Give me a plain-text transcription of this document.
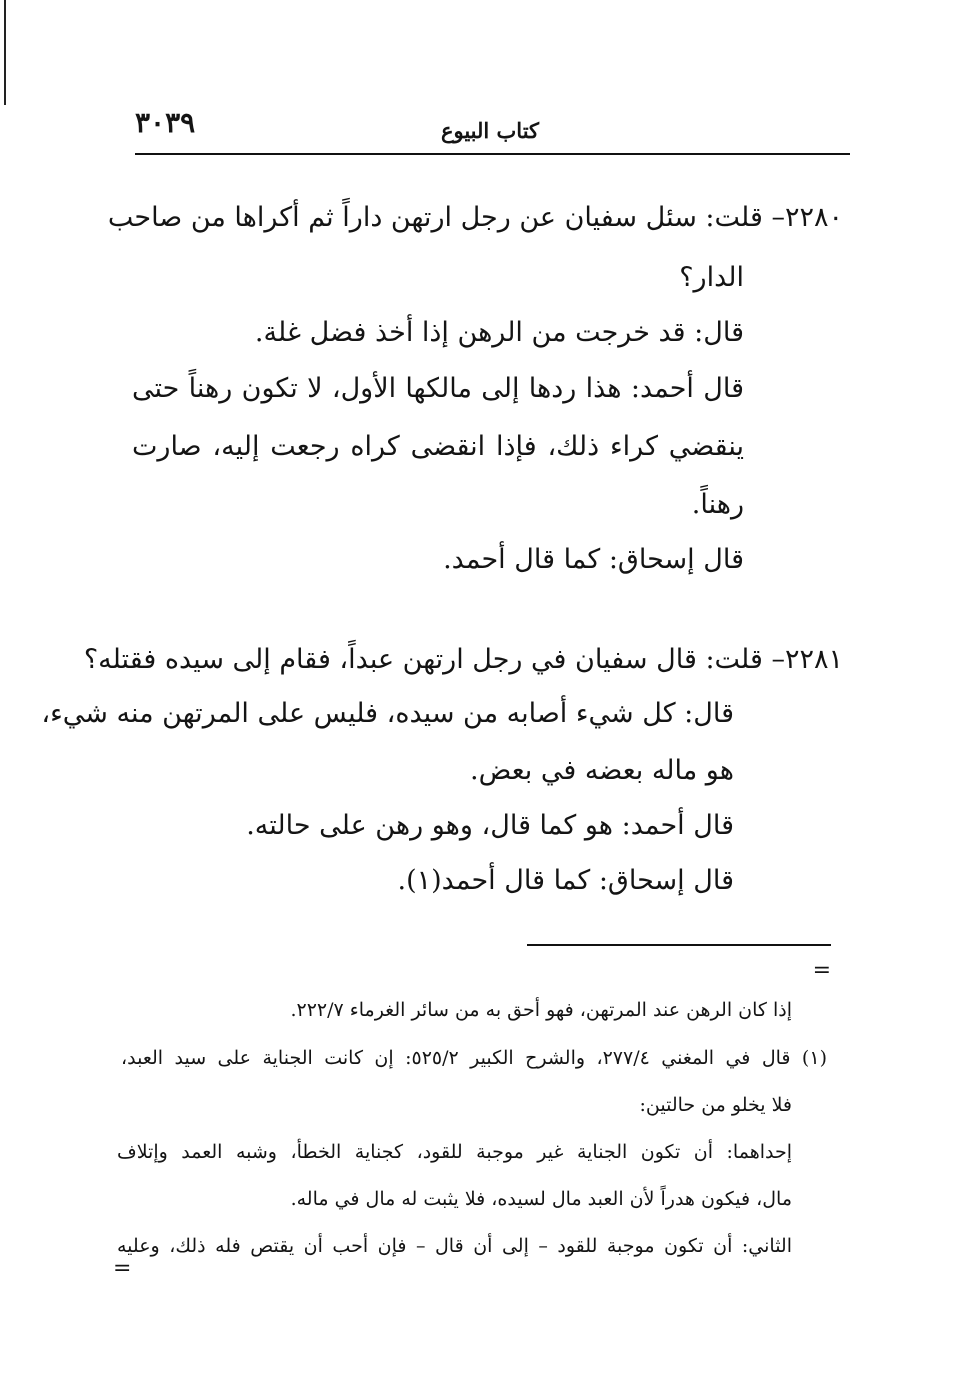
٣٠٣٩	كتاب البيوع
٢٢٨٠– قلت: سئل سفيان عن رجل ارتهن داراً ثم أكراها من صاحب
الدار؟
قال: قد خرجت من الرهن إذا أخذ فضل غلة.
قال أحمد: هذا ردها إلى مالكها الأول، لا تكون رهناً حتى
ينقضي كراء ذلك، فإذا انقضى كراه رجعت إليه، صارت
رهناً.
قال إسحاق: كما قال أحمد.
٢٢٨١– قلت: قال سفيان في رجل ارتهن عبداً، فقام إلى سيده فقتله؟
قال: كل شيء أصابه من سيده، فليس على المرتهن منه شيء،
هو ماله بعضه في بعض.
قال أحمد: هو كما قال، وهو رهن على حالته.
قال إسحاق: كما قال أحمد(١).
=
إذا كان الرهن عند المرتهن، فهو أحق به من سائر الغرماء ٢٢٢/٧.
(١) قال في المغني ٢٧٧/٤، والشرح الكبير ٥٢٥/٢: إن كانت الجناية على سيد العبد،
فلا يخلو من حالتين:
إحداهما: أن تكون الجناية غير موجبة للقود، كجناية الخطأ، وشبه العمد وإتلاف
مال، فيكون هدراً لأن العبد مال لسيده، فلا يثبت له مال في ماله.
الثاني: أن تكون موجبة للقود – إلى أن قال – فإن أحب أن يقتص فله ذلك، وعليه
=
